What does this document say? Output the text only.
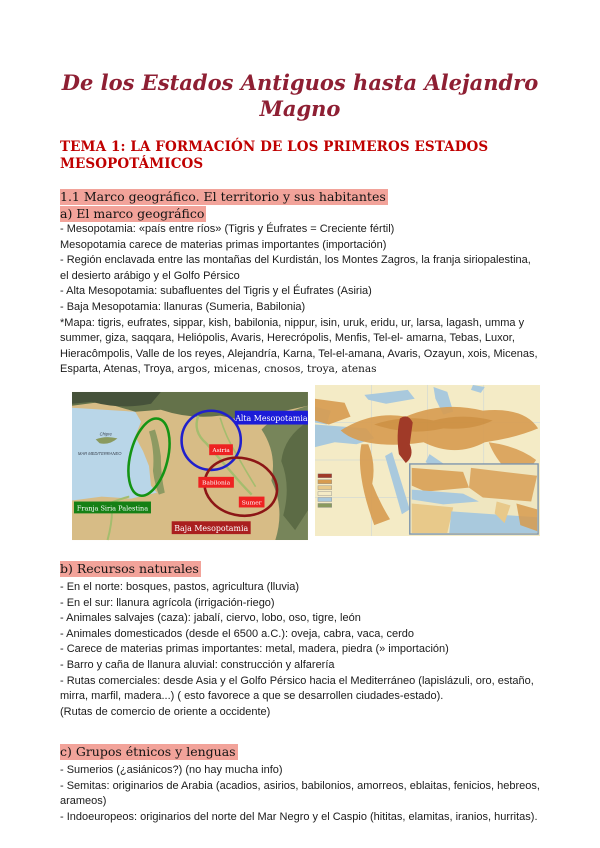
De los Estados Antiguos hasta Alejandro Magno
TEMA 1: LA FORMACIÓN DE LOS PRIMEROS ESTADOS MESOPOTÁMICOS

1.1 Marco geográfico. El territorio y sus habitantes

a) El marco geográfico

- Mesopotamia: «país entre ríos» (Tigris y Éufrates = Creciente fértil)

Mesopotamia carece de materias primas importantes (importación)

- Región enclavada entre las montañas del Kurdistán, los Montes Zagros, la franja siriopalestina, el desierto arábigo y el Golfo Pérsico

- Alta Mesopotamia: subafluentes del Tigris y el Éufrates (Asiria)

- Baja Mesopotamia: llanuras (Sumeria, Babilonia)

*Mapa: tigris, eufrates, sippar, kish, babilonia, nippur, isin, uruk, eridu, ur, larsa, lagash, umma y summer, giza, saqqara, Heliópolis, Avaris, Herecrópolis, Menfis, Tel-el- amarna, Tebas, Luxor, Hieracômpolis, Valle de los reyes, Alejandría, Karna, Tel-el-amana, Avaris, Ozayun, xois, Micenas, Esparta, Atenas, Troya, argos, micenas, cnosos, troya, atenas

Chipre
MAR MEDITERRANEO
Alta Mesopotamia
Asiria
Babilonia
Sumer
Baja Mesopotamia
Franja Siria Palestina

b) Recursos naturales

- En el norte: bosques, pastos, agricultura (lluvia)

- En el sur: llanura agrícola (irrigación-riego)

- Animales salvajes (caza): jabalí, ciervo, lobo, oso, tigre, león

- Animales domesticados (desde el 6500 a.C.): oveja, cabra, vaca, cerdo

- Carece de materias primas importantes: metal, madera, piedra (» importación)

- Barro y caña de llanura aluvial: construcción y alfarería

- Rutas comerciales: desde Asia y el Golfo Pérsico hacia el Mediterráneo (lapislázuli, oro, estaño, mirra, marfil, madera...) ( esto favorece a que se desarrollen ciudades-estado).

(Rutas de comercio de oriente a occidente)

c) Grupos étnicos y lenguas

- Sumerios (¿asiánicos?) (no hay mucha info)

- Semitas: originarios de Arabia (acadios, asirios, babilonios, amorreos, eblaitas, fenicios, hebreos, arameos)

- Indoeuropeos: originarios del norte del Mar Negro y el Caspio (hititas, elamitas, iranios, hurritas).
